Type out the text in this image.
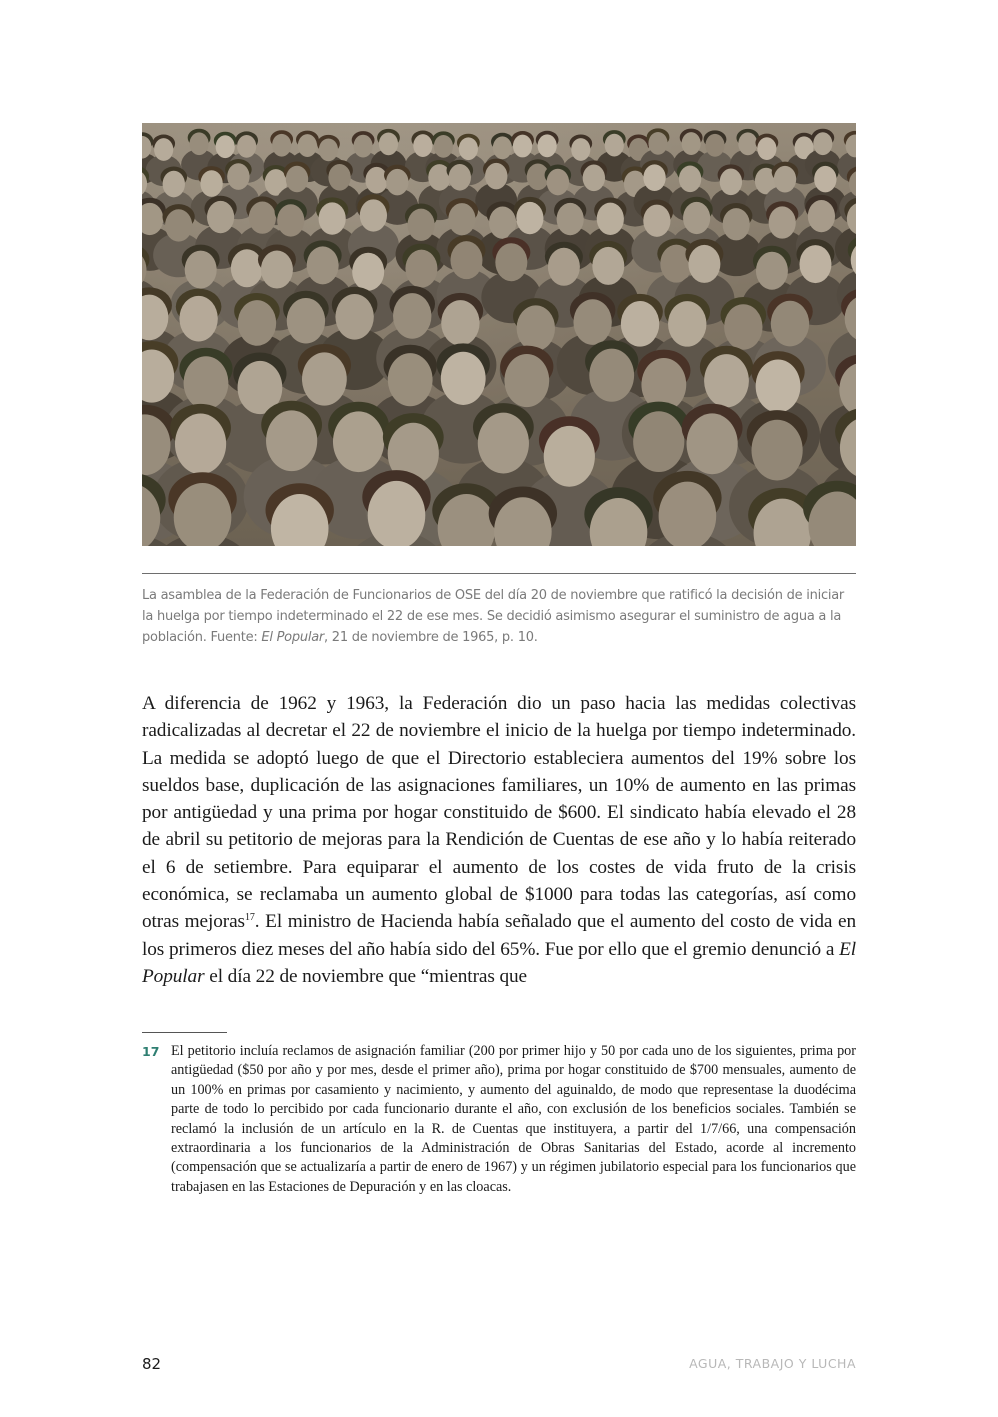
La asamblea de la Federación de Funcionarios de OSE del día 20 de noviembre que ratificó la decisión de iniciar la huelga por tiempo indeterminado el 22 de ese mes. Se decidió asimismo asegurar el suministro de agua a la población. Fuente: El Popular, 21 de noviembre de 1965, p. 10.
A diferencia de 1962 y 1963, la Federación dio un paso hacia las medidas colectivas radicalizadas al decretar el 22 de noviembre el inicio de la huelga por tiempo indeterminado. La medida se adoptó luego de que el Directorio estableciera aumentos del 19% sobre los sueldos base, duplicación de las asignaciones familiares, un 10% de aumento en las primas por antigüedad y una prima por hogar constituido de $600. El sindicato había elevado el 28 de abril su petitorio de mejoras para la Rendición de Cuentas de ese año y lo había reiterado el 6 de setiembre. Para equiparar el aumento de los costes de vida fruto de la crisis económica, se reclamaba un aumento global de $1000 para todas las categorías, así como otras mejoras$^{17}$. El ministro de Hacienda había señalado que el aumento del costo de vida en los primeros diez meses del año había sido del 65%. Fue por ello que el gremio denunció a El Popular el día 22 de noviembre que “mientras que
17 El petitorio incluía reclamos de asignación familiar (200 por primer hijo y 50 por cada uno de los siguientes, prima por antigüedad ($50 por año y por mes, desde el primer año), prima por hogar constituido de $700 mensuales, aumento de un 100% en primas por casamiento y nacimiento, y aumento del aguinaldo, de modo que representase la duodécima parte de todo lo percibido por cada funcionario durante el año, con exclusión de los beneficios sociales. También se reclamó la inclusión de un artículo en la R. de Cuentas que instituyera, a partir del 1/7/66, una compensación extraordinaria a los funcionarios de la Administración de Obras Sanitarias del Estado, acorde al incremento (compensación que se actualizaría a partir de enero de 1967) y un régimen jubilatorio especial para los funcionarios que trabajasen en las Estaciones de Depuración y en las cloacas.
82	AGUA, TRABAJO Y LUCHA
